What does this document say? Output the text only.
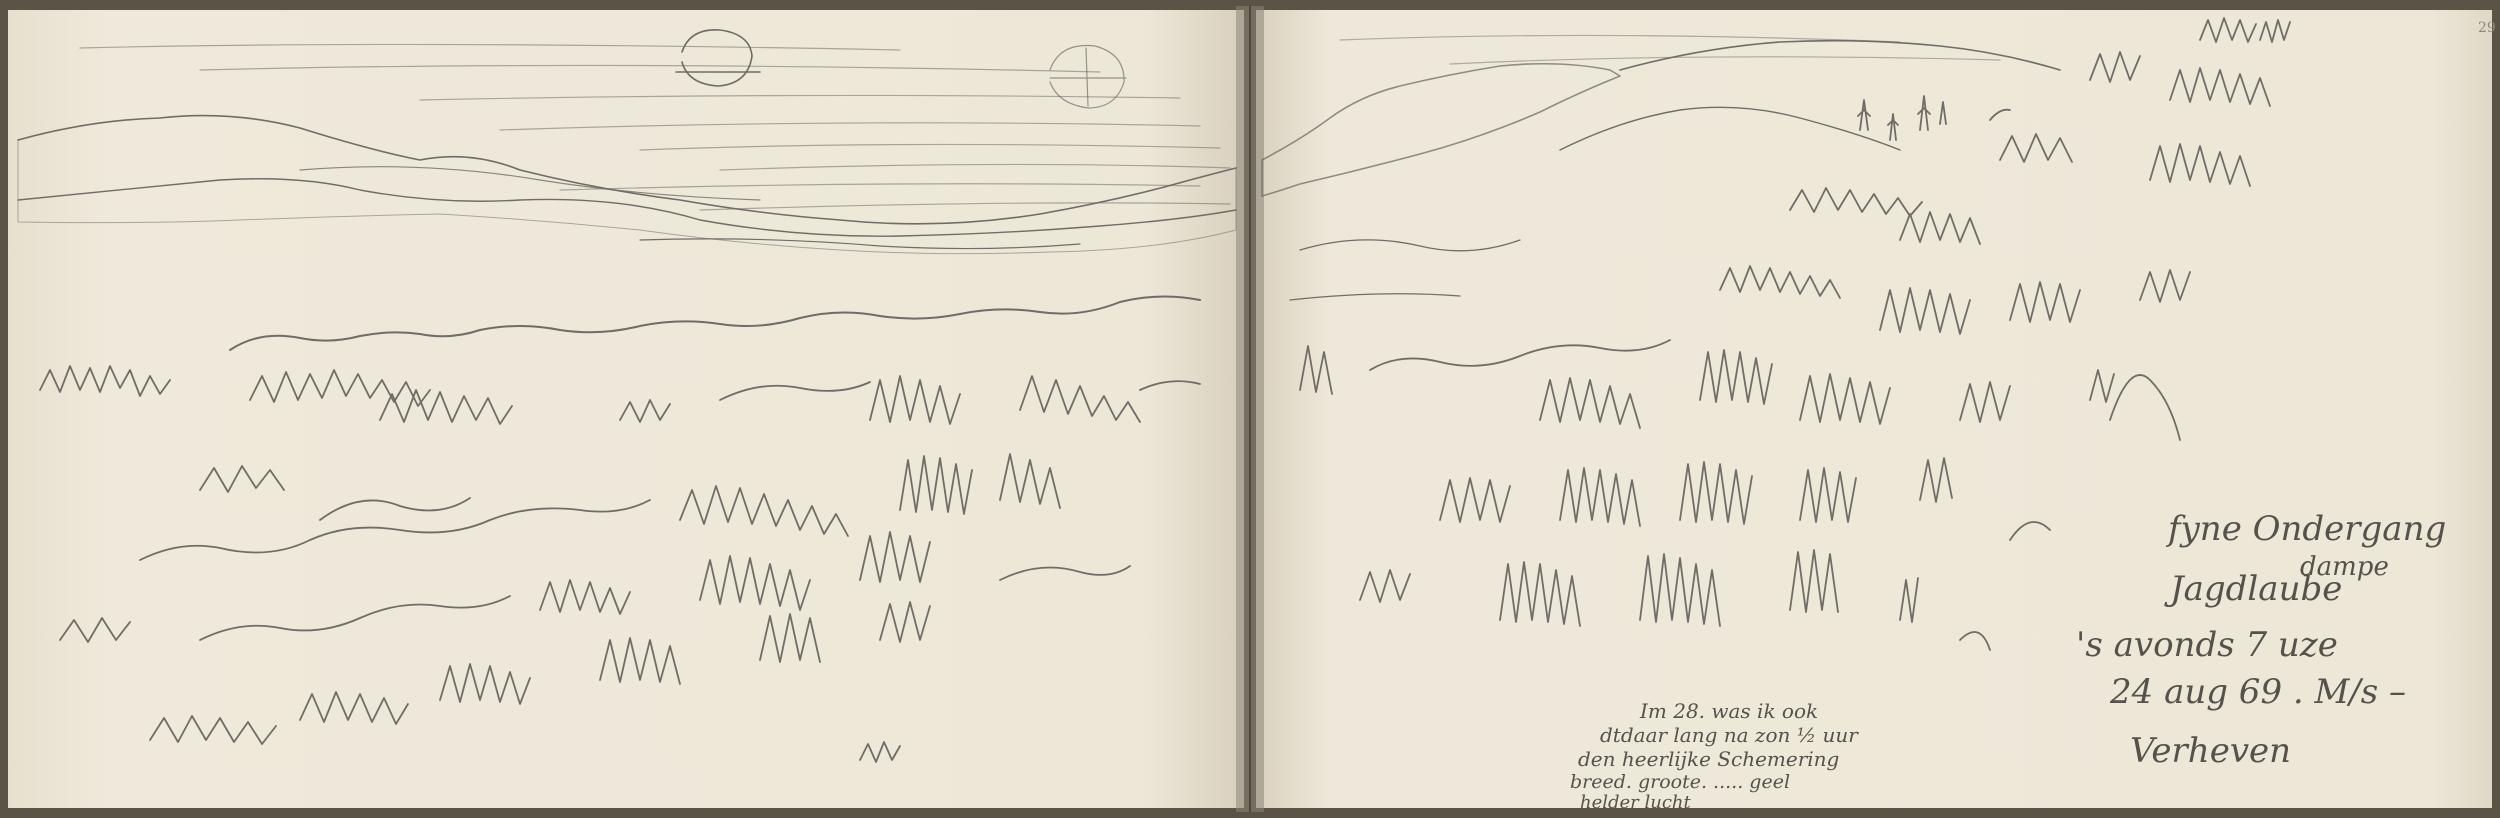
29
fyne Ondergang
dampe
Jagdlaube
's avonds 7 uze
24 aug 69 . M/s –
Verheven
Im 28. was ik ook
dtdaar lang na zon ½ uur
den heerlijke Schemering
breed. groote. ..... geel
helder lucht
